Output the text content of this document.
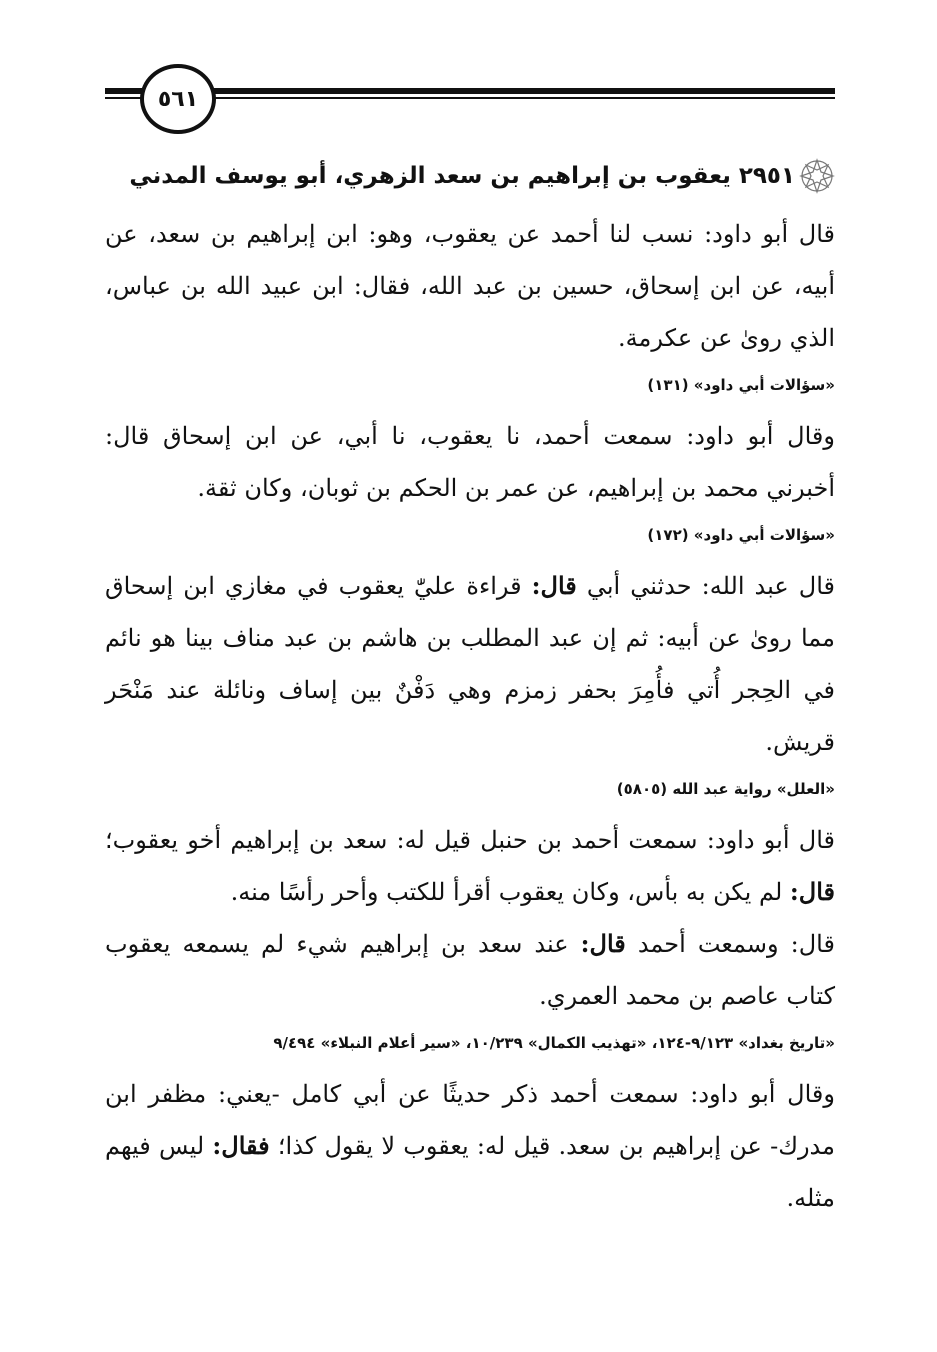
٥٦١
٢٩٥١
يعقوب بن إبراهيم بن سعد الزهري، أبو يوسف المدني

قال أبو داود: نسب لنا أحمد عن يعقوب، وهو: ابن إبراهيم بن سعد، عن أبيه، عن ابن إسحاق، حسين بن عبد الله، فقال: ابن عبيد الله بن عباس، الذي روىٰ عن عكرمة.

«سؤالات أبي داود» (١٣١)

وقال أبو داود: سمعت أحمد، نا يعقوب، نا أبي، عن ابن إسحاق قال: أخبرني محمد بن إبراهيم، عن عمر بن الحكم بن ثوبان، وكان ثقة.

«سؤالات أبي داود» (١٧٢)

قال عبد الله: حدثني أبي قال: قراءة عليّٰ يعقوب في مغازي ابن إسحاق مما روىٰ عن أبيه: ثم إن عبد المطلب بن هاشم بن عبد مناف بينا هو نائم في الحِجر أُتي فأُمِرَ بحفر زمزم وهي دَفْنٌ بين إساف ونائلة عند مَنْحَر قريش.

«العلل» رواية عبد الله (٥٨٠٥)

قال أبو داود: سمعت أحمد بن حنبل قيل له: سعد بن إبراهيم أخو يعقوب؛ قال: لم يكن به بأس، وكان يعقوب أقرأ للكتب وأحر رأسًا منه.

قال: وسمعت أحمد قال: عند سعد بن إبراهيم شيء لم يسمعه يعقوب كتاب عاصم بن محمد العمري.

«تاريخ بغداد» ٩/١٢٣-١٢٤، «تهذيب الكمال» ١٠/٢٣٩، «سير أعلام النبلاء» ٩/٤٩٤

وقال أبو داود: سمعت أحمد ذكر حديثًا عن أبي كامل -يعني: مظفر ابن مدرك- عن إبراهيم بن سعد. قيل له: يعقوب لا يقول كذا؛ فقال: ليس فيهم مثله.
